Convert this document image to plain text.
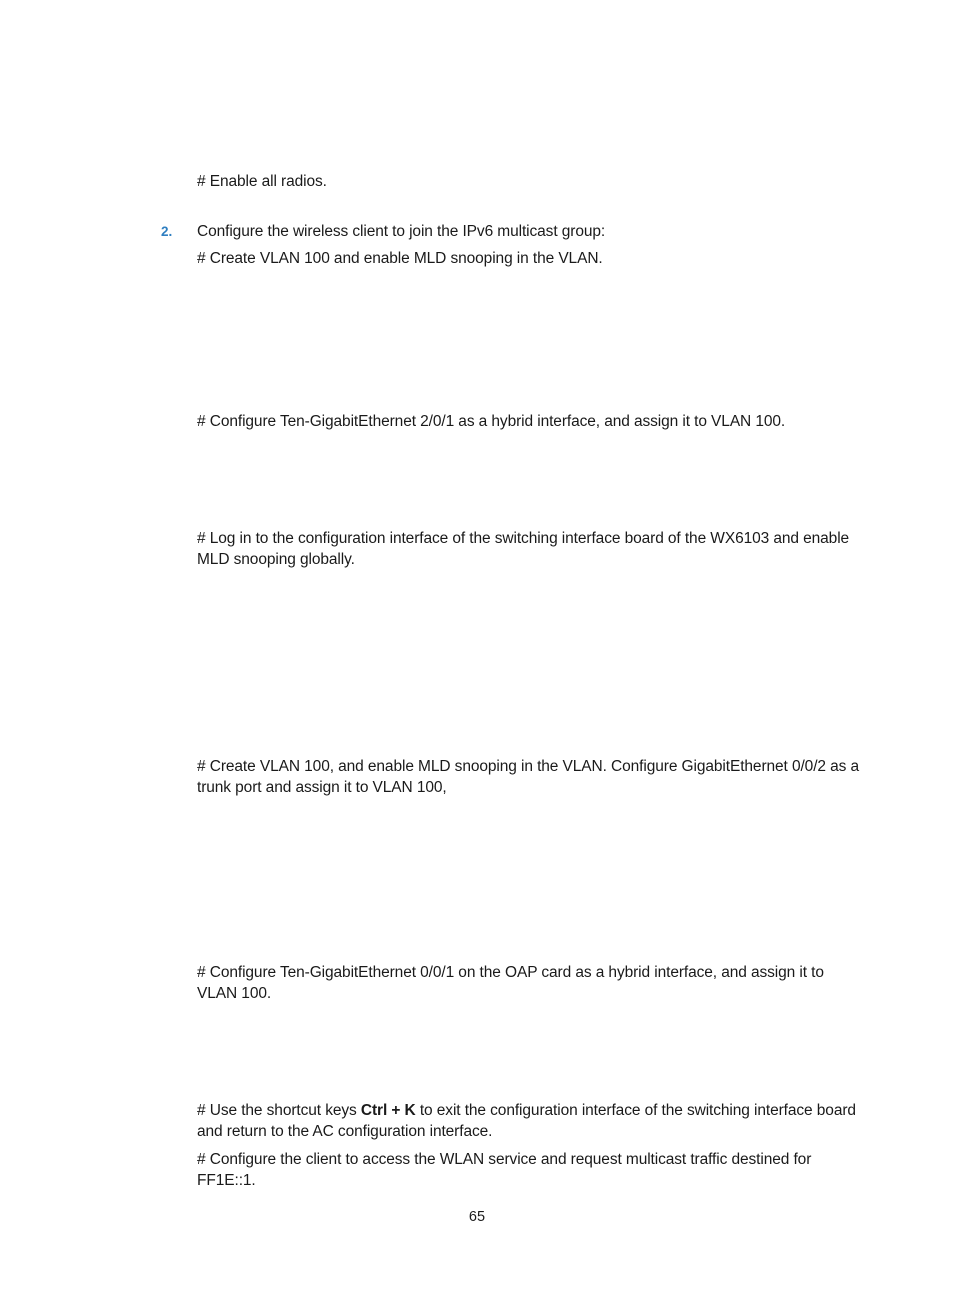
# Enable all radios.
2. Configure the wireless client to join the IPv6 multicast group:
# Create VLAN 100 and enable MLD snooping in the VLAN.
# Configure Ten-GigabitEthernet 2/0/1 as a hybrid interface, and assign it to VLAN 100.
# Log in to the configuration interface of the switching interface board of the WX6103 and enable MLD snooping globally.
# Create VLAN 100, and enable MLD snooping in the VLAN. Configure GigabitEthernet 0/0/2 as a trunk port and assign it to VLAN 100,
# Configure Ten-GigabitEthernet 0/0/1 on the OAP card as a hybrid interface, and assign it to VLAN 100.
# Use the shortcut keys Ctrl + K to exit the configuration interface of the switching interface board and return to the AC configuration interface.
# Configure the client to access the WLAN service and request multicast traffic destined for FF1E::1.
65
